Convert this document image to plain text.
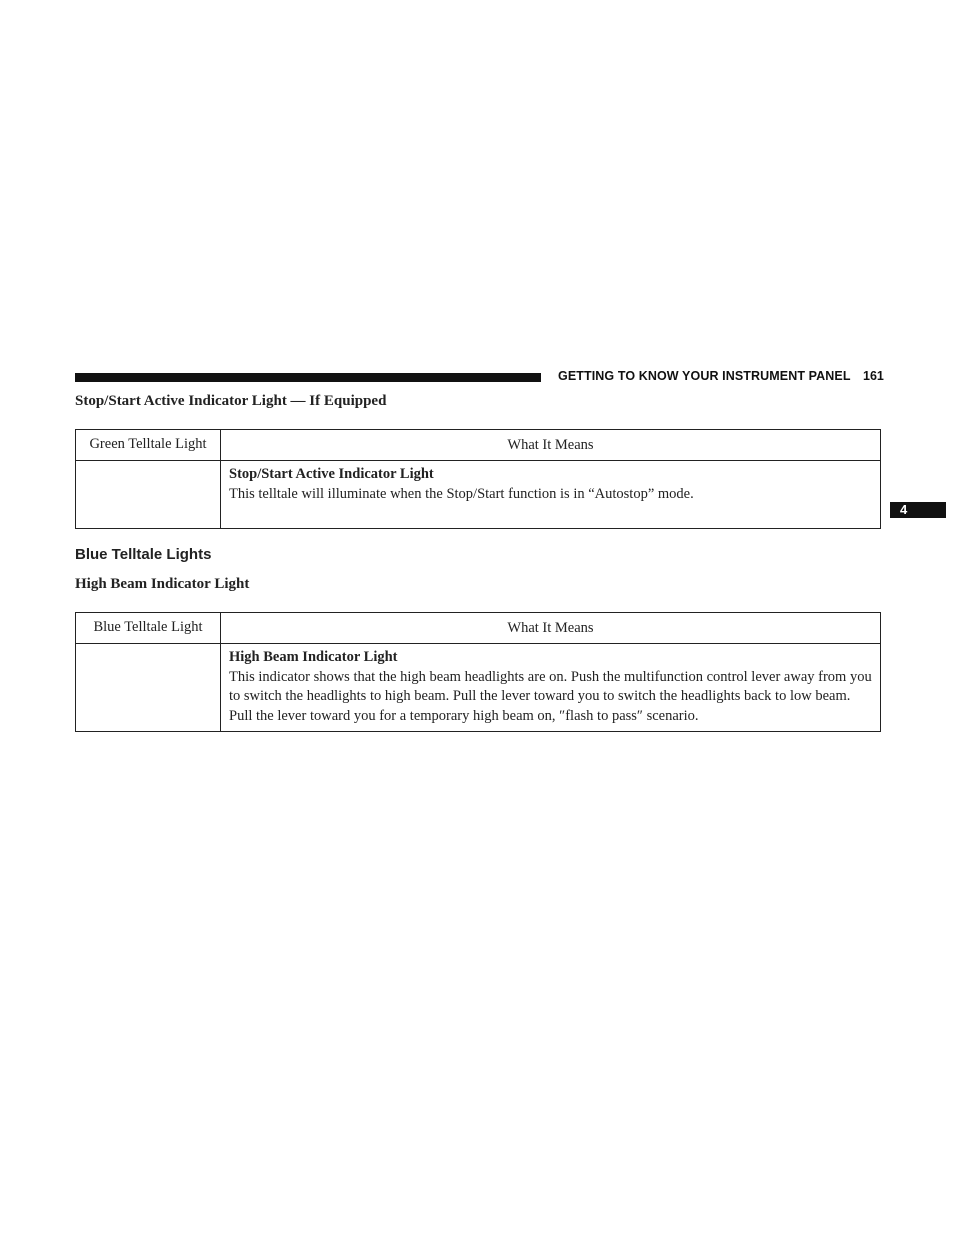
GETTING TO KNOW YOUR INSTRUMENT PANEL 161
4
Stop/Start Active Indicator Light — If Equipped
Green Telltale Light	What It Means

	Stop/Start Active Indicator Light
This telltale will illuminate when the Stop/Start function is in “Autostop” mode.
Blue Telltale Lights
High Beam Indicator Light
Blue Telltale Light	What It Means

	High Beam Indicator Light
This indicator shows that the high beam headlights are on. Push the multifunction control lever away from you to switch the headlights to high beam. Pull the lever toward you to switch the headlights back to low beam. Pull the lever toward you for a temporary high beam on, ″flash to pass″ scenario.
